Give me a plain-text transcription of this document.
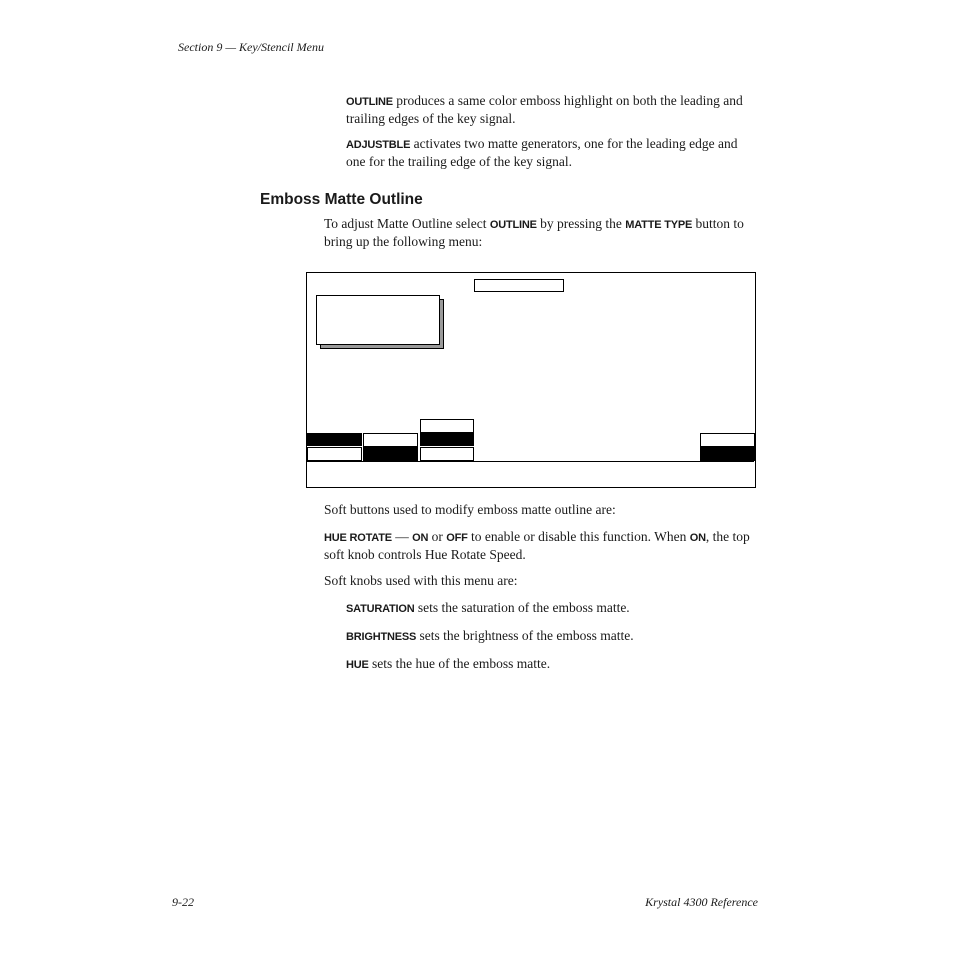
Section 9 — Key/Stencil Menu
OUTLINE produces a same color emboss highlight on both the leading and trailing edges of the key signal.
ADJUSTBLE activates two matte generators, one for the leading edge and one for the trailing edge of the key signal.
Emboss Matte Outline
To adjust Matte Outline select OUTLINE by pressing the MATTE TYPE button to bring up the following menu:
Soft buttons used to modify emboss matte outline are:
HUE ROTATE — ON or OFF to enable or disable this function. When ON, the top soft knob controls Hue Rotate Speed.
Soft knobs used with this menu are:
SATURATION sets the saturation of the emboss matte.
BRIGHTNESS sets the brightness of the emboss matte.
HUE sets the hue of the emboss matte.
9-22	Krystal 4300 Reference
